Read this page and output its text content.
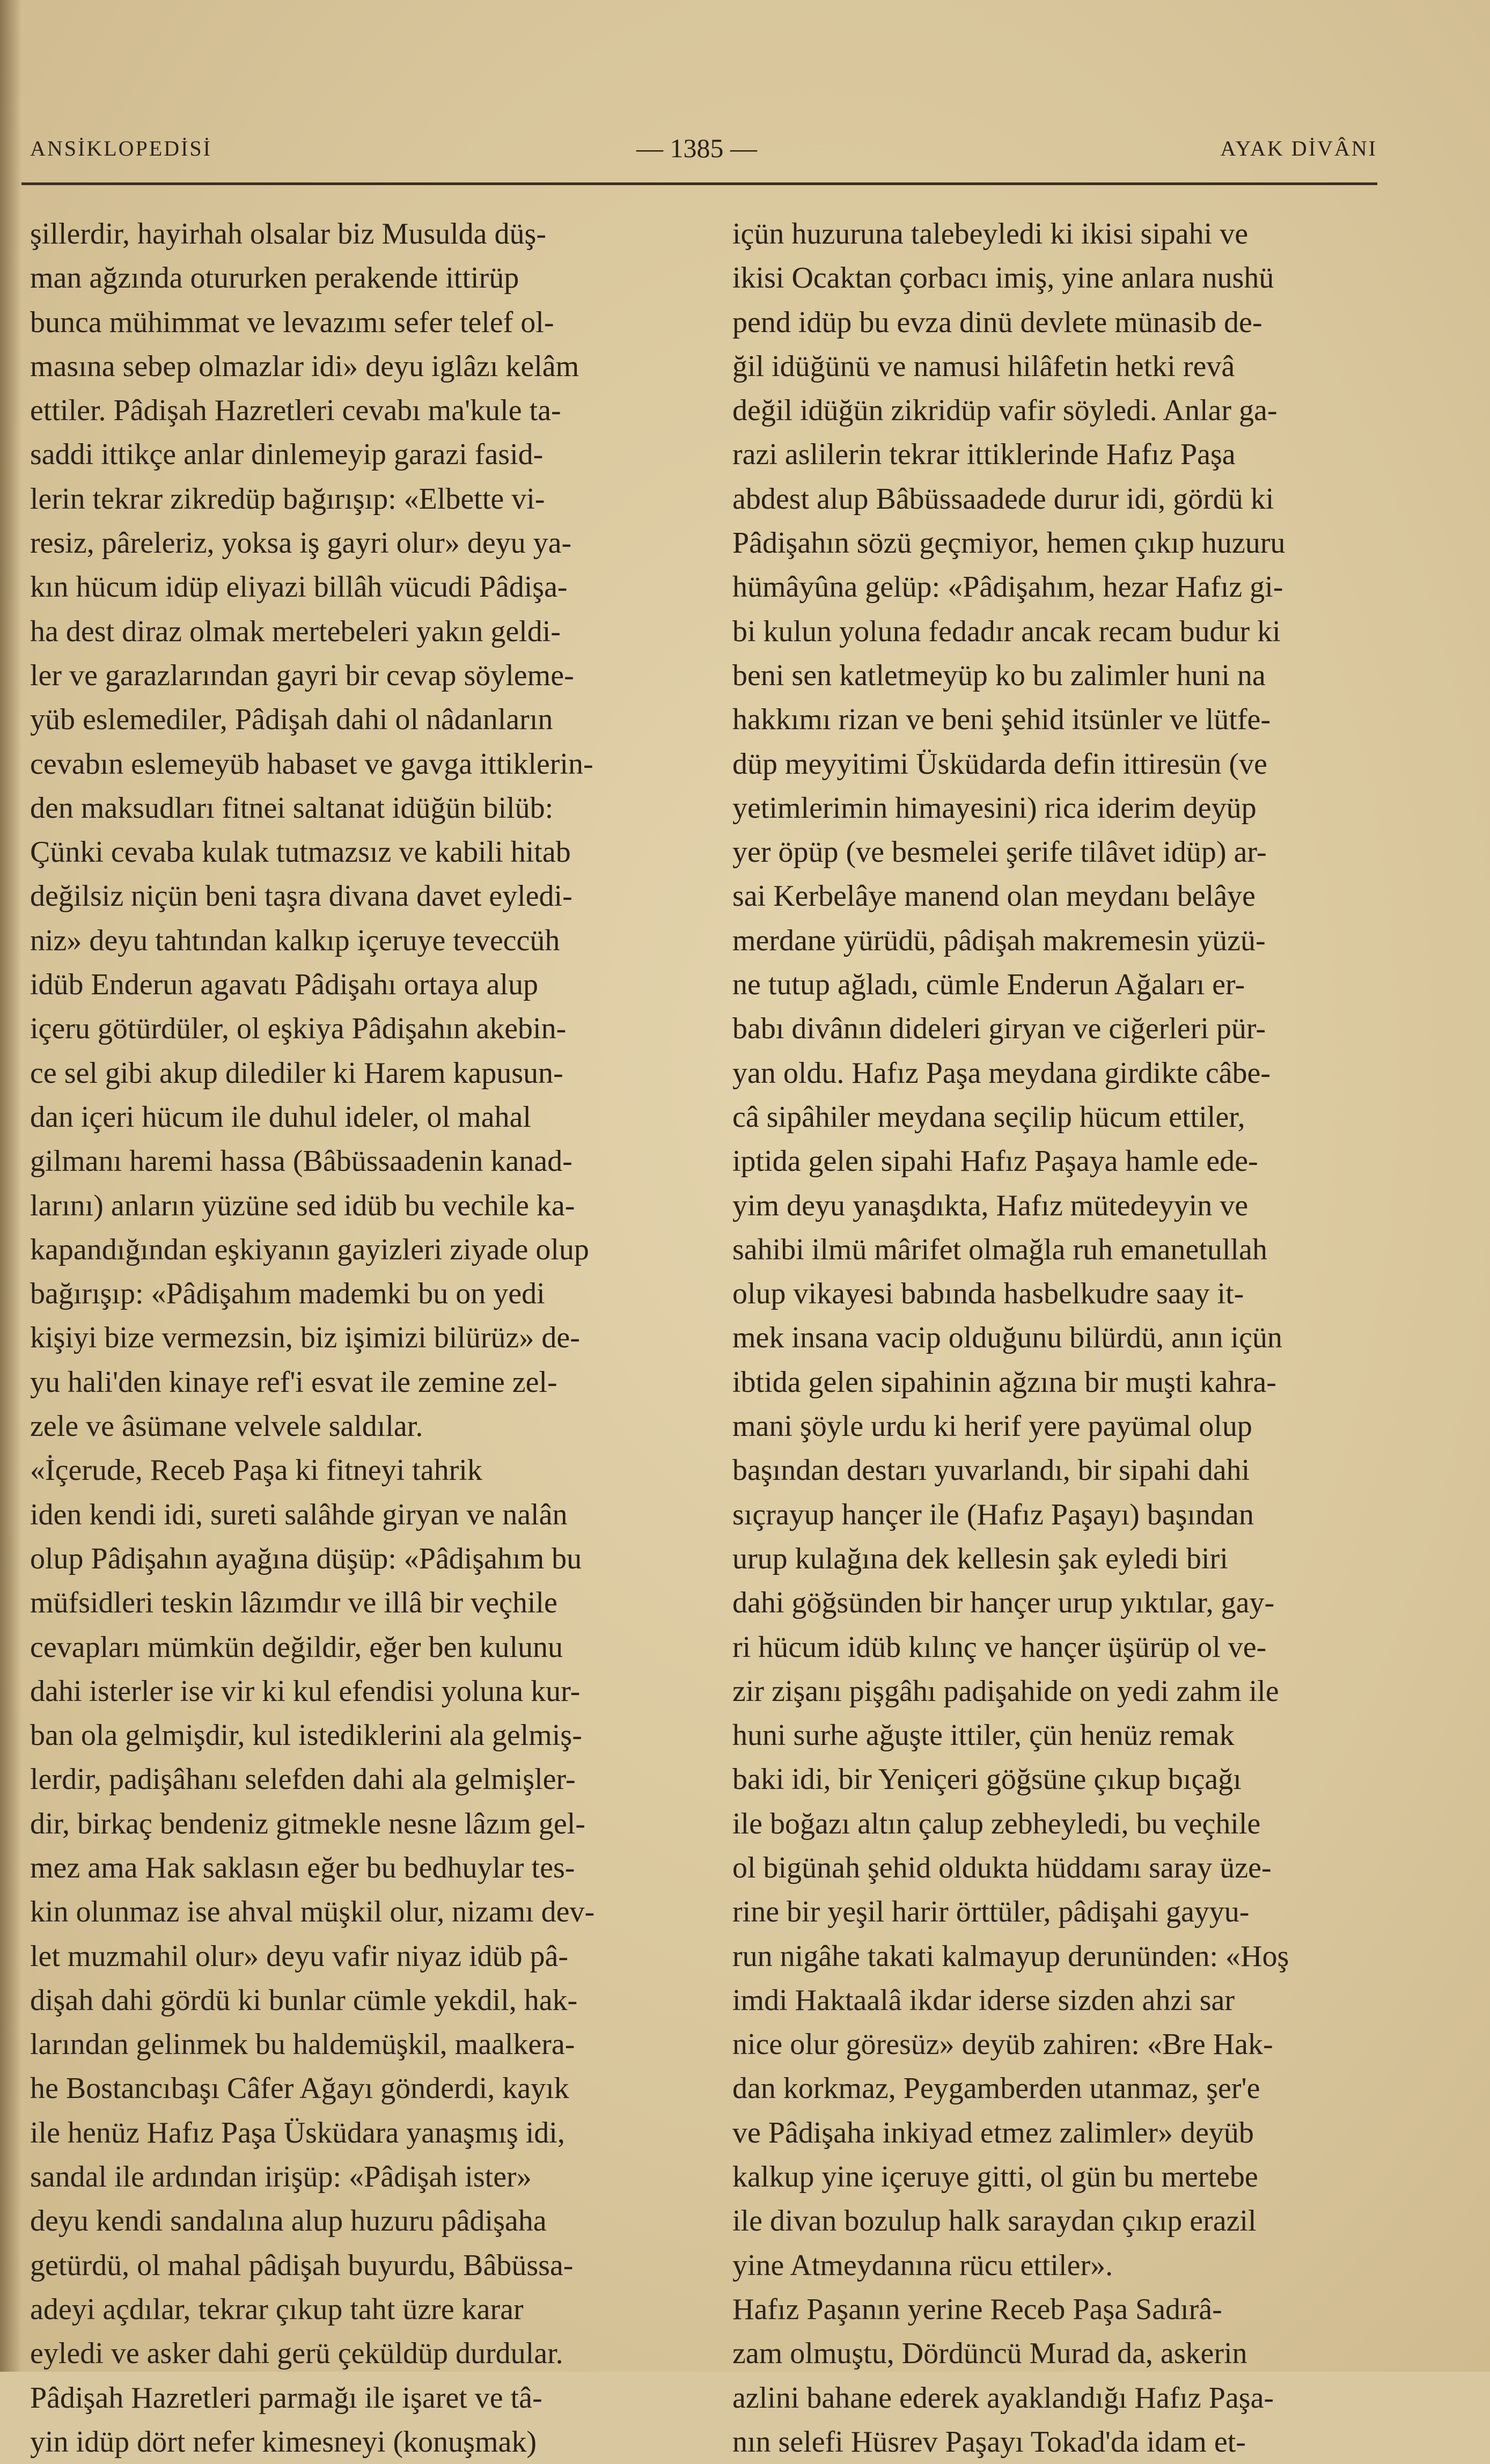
ANSİKLOPEDİSİ	— 1385 —	AYAK DİVÂNI
şillerdir, hayirhah olsalar biz Musulda düş-
man ağzında otururken perakende ittirüp
bunca mühimmat ve levazımı sefer telef ol-
masına sebep olmazlar idi» deyu iglâzı kelâm
ettiler. Pâdişah Hazretleri cevabı ma'kule ta-
saddi ittikçe anlar dinlemeyip garazi fasid-
lerin tekrar zikredüp bağırışıp: «Elbette vi-
resiz, pâreleriz, yoksa iş gayri olur» deyu ya-
kın hücum idüp eliyazi billâh vücudi Pâdişa-
ha dest diraz olmak mertebeleri yakın geldi-
ler ve garazlarından gayri bir cevap söyleme-
yüb eslemediler, Pâdişah dahi ol nâdanların
cevabın eslemeyüb habaset ve gavga ittiklerin-
den maksudları fitnei saltanat idüğün bilüb:
Çünki cevaba kulak tutmazsız ve kabili hitab
değilsiz niçün beni taşra divana davet eyledi-
niz» deyu tahtından kalkıp içeruye teveccüh
idüb Enderun agavatı Pâdişahı ortaya alup
içeru götürdüler, ol eşkiya Pâdişahın akebin-
ce sel gibi akup dilediler ki Harem kapusun-
dan içeri hücum ile duhul ideler, ol mahal
gilmanı haremi hassa (Bâbüssaadenin kanad-
larını) anların yüzüne sed idüb bu vechile ka-
kapandığından eşkiyanın gayizleri ziyade olup
bağırışıp: «Pâdişahım mademki bu on yedi
kişiyi bize vermezsin, biz işimizi bilürüz» de-
yu hali'den kinaye ref'i esvat ile zemine zel-
zele ve âsümane velvele saldılar.
«İçerude, Receb Paşa ki fitneyi tahrik
iden kendi idi, sureti salâhde giryan ve nalân
olup Pâdişahın ayağına düşüp: «Pâdişahım bu
müfsidleri teskin lâzımdır ve illâ bir veçhile
cevapları mümkün değildir, eğer ben kulunu
dahi isterler ise vir ki kul efendisi yoluna kur-
ban ola gelmişdir, kul istediklerini ala gelmiş-
lerdir, padişâhanı selefden dahi ala gelmişler-
dir, birkaç bendeniz gitmekle nesne lâzım gel-
mez ama Hak saklasın eğer bu bedhuylar tes-
kin olunmaz ise ahval müşkil olur, nizamı dev-
let muzmahil olur» deyu vafir niyaz idüb pâ-
dişah dahi gördü ki bunlar cümle yekdil, hak-
larından gelinmek bu haldemüşkil, maalkera-
he Bostancıbaşı Câfer Ağayı gönderdi, kayık
ile henüz Hafız Paşa Üsküdara yanaşmış idi,
sandal ile ardından irişüp: «Pâdişah ister»
deyu kendi sandalına alup huzuru pâdişaha
getürdü, ol mahal pâdişah buyurdu, Bâbüssa-
adeyi açdılar, tekrar çıkup taht üzre karar
eyledi ve asker dahi gerü çeküldüp durdular.
Pâdişah Hazretleri parmağı ile işaret ve tâ-
yin idüp dört nefer kimesneyi (konuşmak)
içün huzuruna talebeyledi ki ikisi sipahi ve
ikisi Ocaktan çorbacı imiş, yine anlara nushü
pend idüp bu evza dinü devlete münasib de-
ğil idüğünü ve namusi hilâfetin hetki revâ
değil idüğün zikridüp vafir söyledi. Anlar ga-
razi aslilerin tekrar ittiklerinde Hafız Paşa
abdest alup Bâbüssaadede durur idi, gördü ki
Pâdişahın sözü geçmiyor, hemen çıkıp huzuru
hümâyûna gelüp: «Pâdişahım, hezar Hafız gi-
bi kulun yoluna fedadır ancak recam budur ki
beni sen katletmeyüp ko bu zalimler huni na
hakkımı rizan ve beni şehid itsünler ve lütfe-
düp meyyitimi Üsküdarda defin ittiresün (ve
yetimlerimin himayesini) rica iderim deyüp
yer öpüp (ve besmelei şerife tilâvet idüp) ar-
sai Kerbelâye manend olan meydanı belâye
merdane yürüdü, pâdişah makremesin yüzü-
ne tutup ağladı, cümle Enderun Ağaları er-
babı divânın dideleri giryan ve ciğerleri pür-
yan oldu. Hafız Paşa meydana girdikte câbe-
câ sipâhiler meydana seçilip hücum ettiler,
iptida gelen sipahi Hafız Paşaya hamle ede-
yim deyu yanaşdıkta, Hafız mütedeyyin ve
sahibi ilmü mârifet olmağla ruh emanetullah
olup vikayesi babında hasbelkudre saay it-
mek insana vacip olduğunu bilürdü, anın içün
ibtida gelen sipahinin ağzına bir muşti kahra-
mani şöyle urdu ki herif yere payümal olup
başından destarı yuvarlandı, bir sipahi dahi
sıçrayup hançer ile (Hafız Paşayı) başından
urup kulağına dek kellesin şak eyledi biri
dahi göğsünden bir hançer urup yıktılar, gay-
ri hücum idüb kılınç ve hançer üşürüp ol ve-
zir zişanı pişgâhı padişahide on yedi zahm ile
huni surhe ağuşte ittiler, çün henüz remak
baki idi, bir Yeniçeri göğsüne çıkup bıçağı
ile boğazı altın çalup zebheyledi, bu veçhile
ol bigünah şehid oldukta hüddamı saray üze-
rine bir yeşil harir örttüler, pâdişahi gayyu-
run nigâhe takati kalmayup derunünden: «Hoş
imdi Haktaalâ ikdar iderse sizden ahzi sar
nice olur göresüz» deyüb zahiren: «Bre Hak-
dan korkmaz, Peygamberden utanmaz, şer'e
ve Pâdişaha inkiyad etmez zalimler» deyüb
kalkup yine içeruye gitti, ol gün bu mertebe
ile divan bozulup halk saraydan çıkıp erazil
yine Atmeydanına rücu ettiler».
Hafız Paşanın yerine Receb Paşa Sadırâ-
zam olmuştu, Dördüncü Murad da, askerin
azlini bahane ederek ayaklandığı Hafız Paşa-
nın selefi Hüsrev Paşayı Tokad'da idam et-
